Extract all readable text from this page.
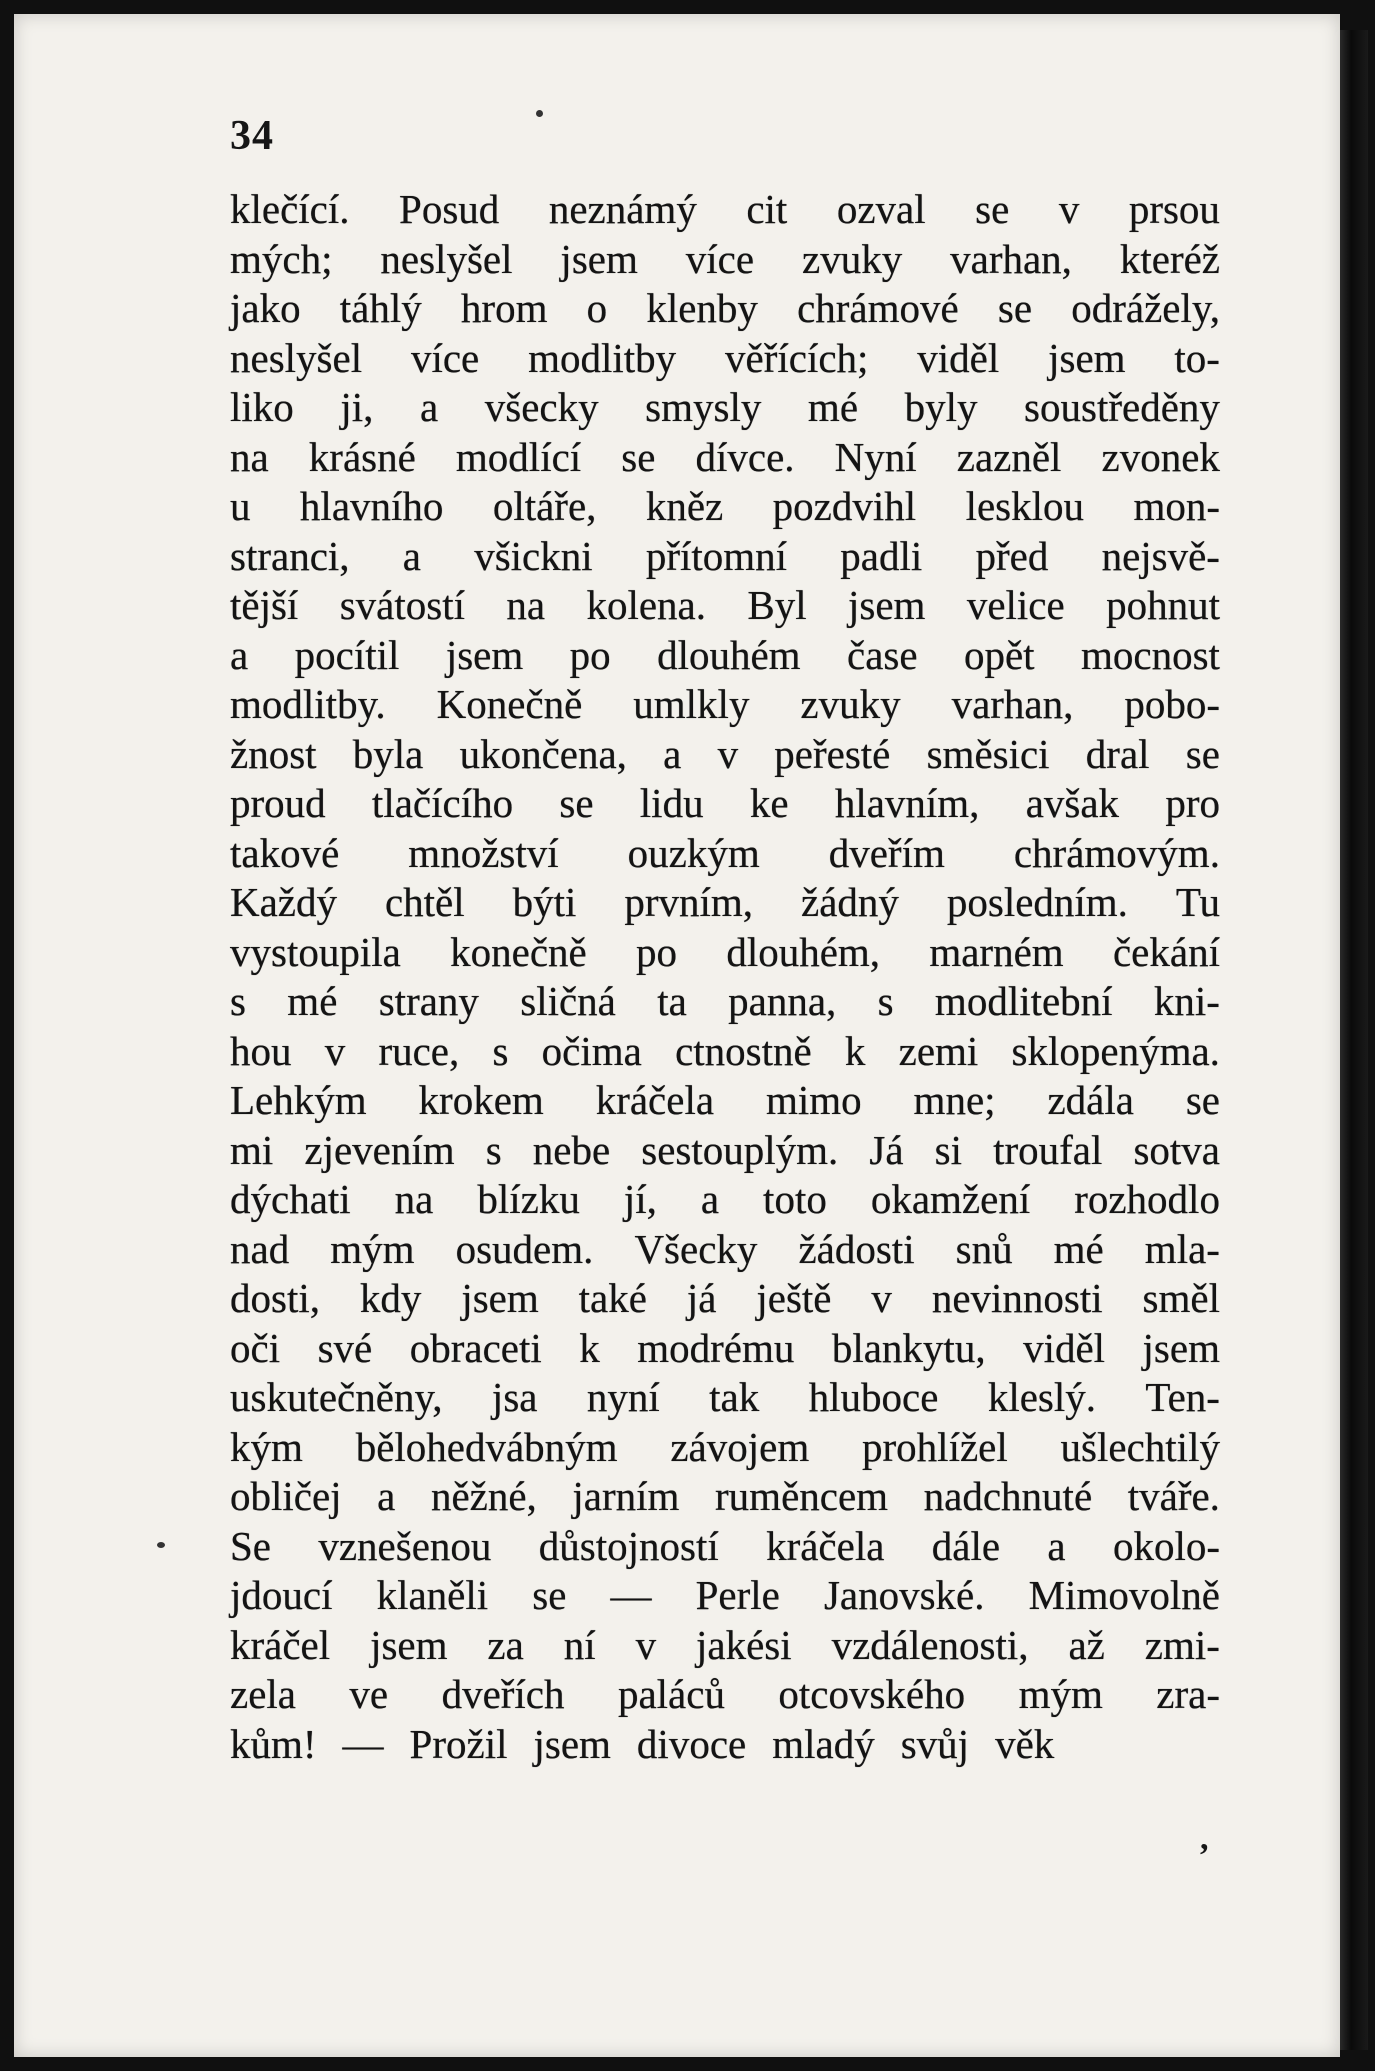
34
klečící. Posud neznámý cit ozval se v prsou
mých; neslyšel jsem více zvuky varhan, kteréž
jako táhlý hrom o klenby chrámové se odrážely,
neslyšel více modlitby věřících; viděl jsem to-
liko ji, a všecky smysly mé byly soustředěny
na krásné modlící se dívce. Nyní zazněl zvonek
u hlavního oltáře, kněz pozdvihl lesklou mon-
stranci, a všickni přítomní padli před nejsvě-
tější svátostí na kolena. Byl jsem velice pohnut
a pocítil jsem po dlouhém čase opět mocnost
modlitby. Konečně umlkly zvuky varhan, pobo-
žnost byla ukončena, a v peřesté směsici dral se
proud tlačícího se lidu ke hlavním, avšak pro
takové množství ouzkým dveřím chrámovým.
Každý chtěl býti prvním, žádný posledním. Tu
vystoupila konečně po dlouhém, marném čekání
s mé strany sličná ta panna, s modlitební kni-
hou v ruce, s očima ctnostně k zemi sklopenýma.
Lehkým krokem kráčela mimo mne; zdála se
mi zjevením s nebe sestouplým. Já si troufal sotva
dýchati na blízku jí, a toto okamžení rozhodlo
nad mým osudem. Všecky žádosti snů mé mla-
dosti, kdy jsem také já ještě v nevinnosti směl
oči své obraceti k modrému blankytu, viděl jsem
uskutečněny, jsa nyní tak hluboce kleslý. Ten-
kým bělohedvábným závojem prohlížel ušlechtilý
obličej a něžné, jarním ruměncem nadchnuté tváře.
Se vznešenou důstojností kráčela dále a okolo-
jdoucí klaněli se — Perle Janovské. Mimovolně
kráčel jsem za ní v jakési vzdálenosti, až zmi-
zela ve dveřích paláců otcovského mým zra-
kům! — Prožil jsem divoce mladý svůj věk
,
